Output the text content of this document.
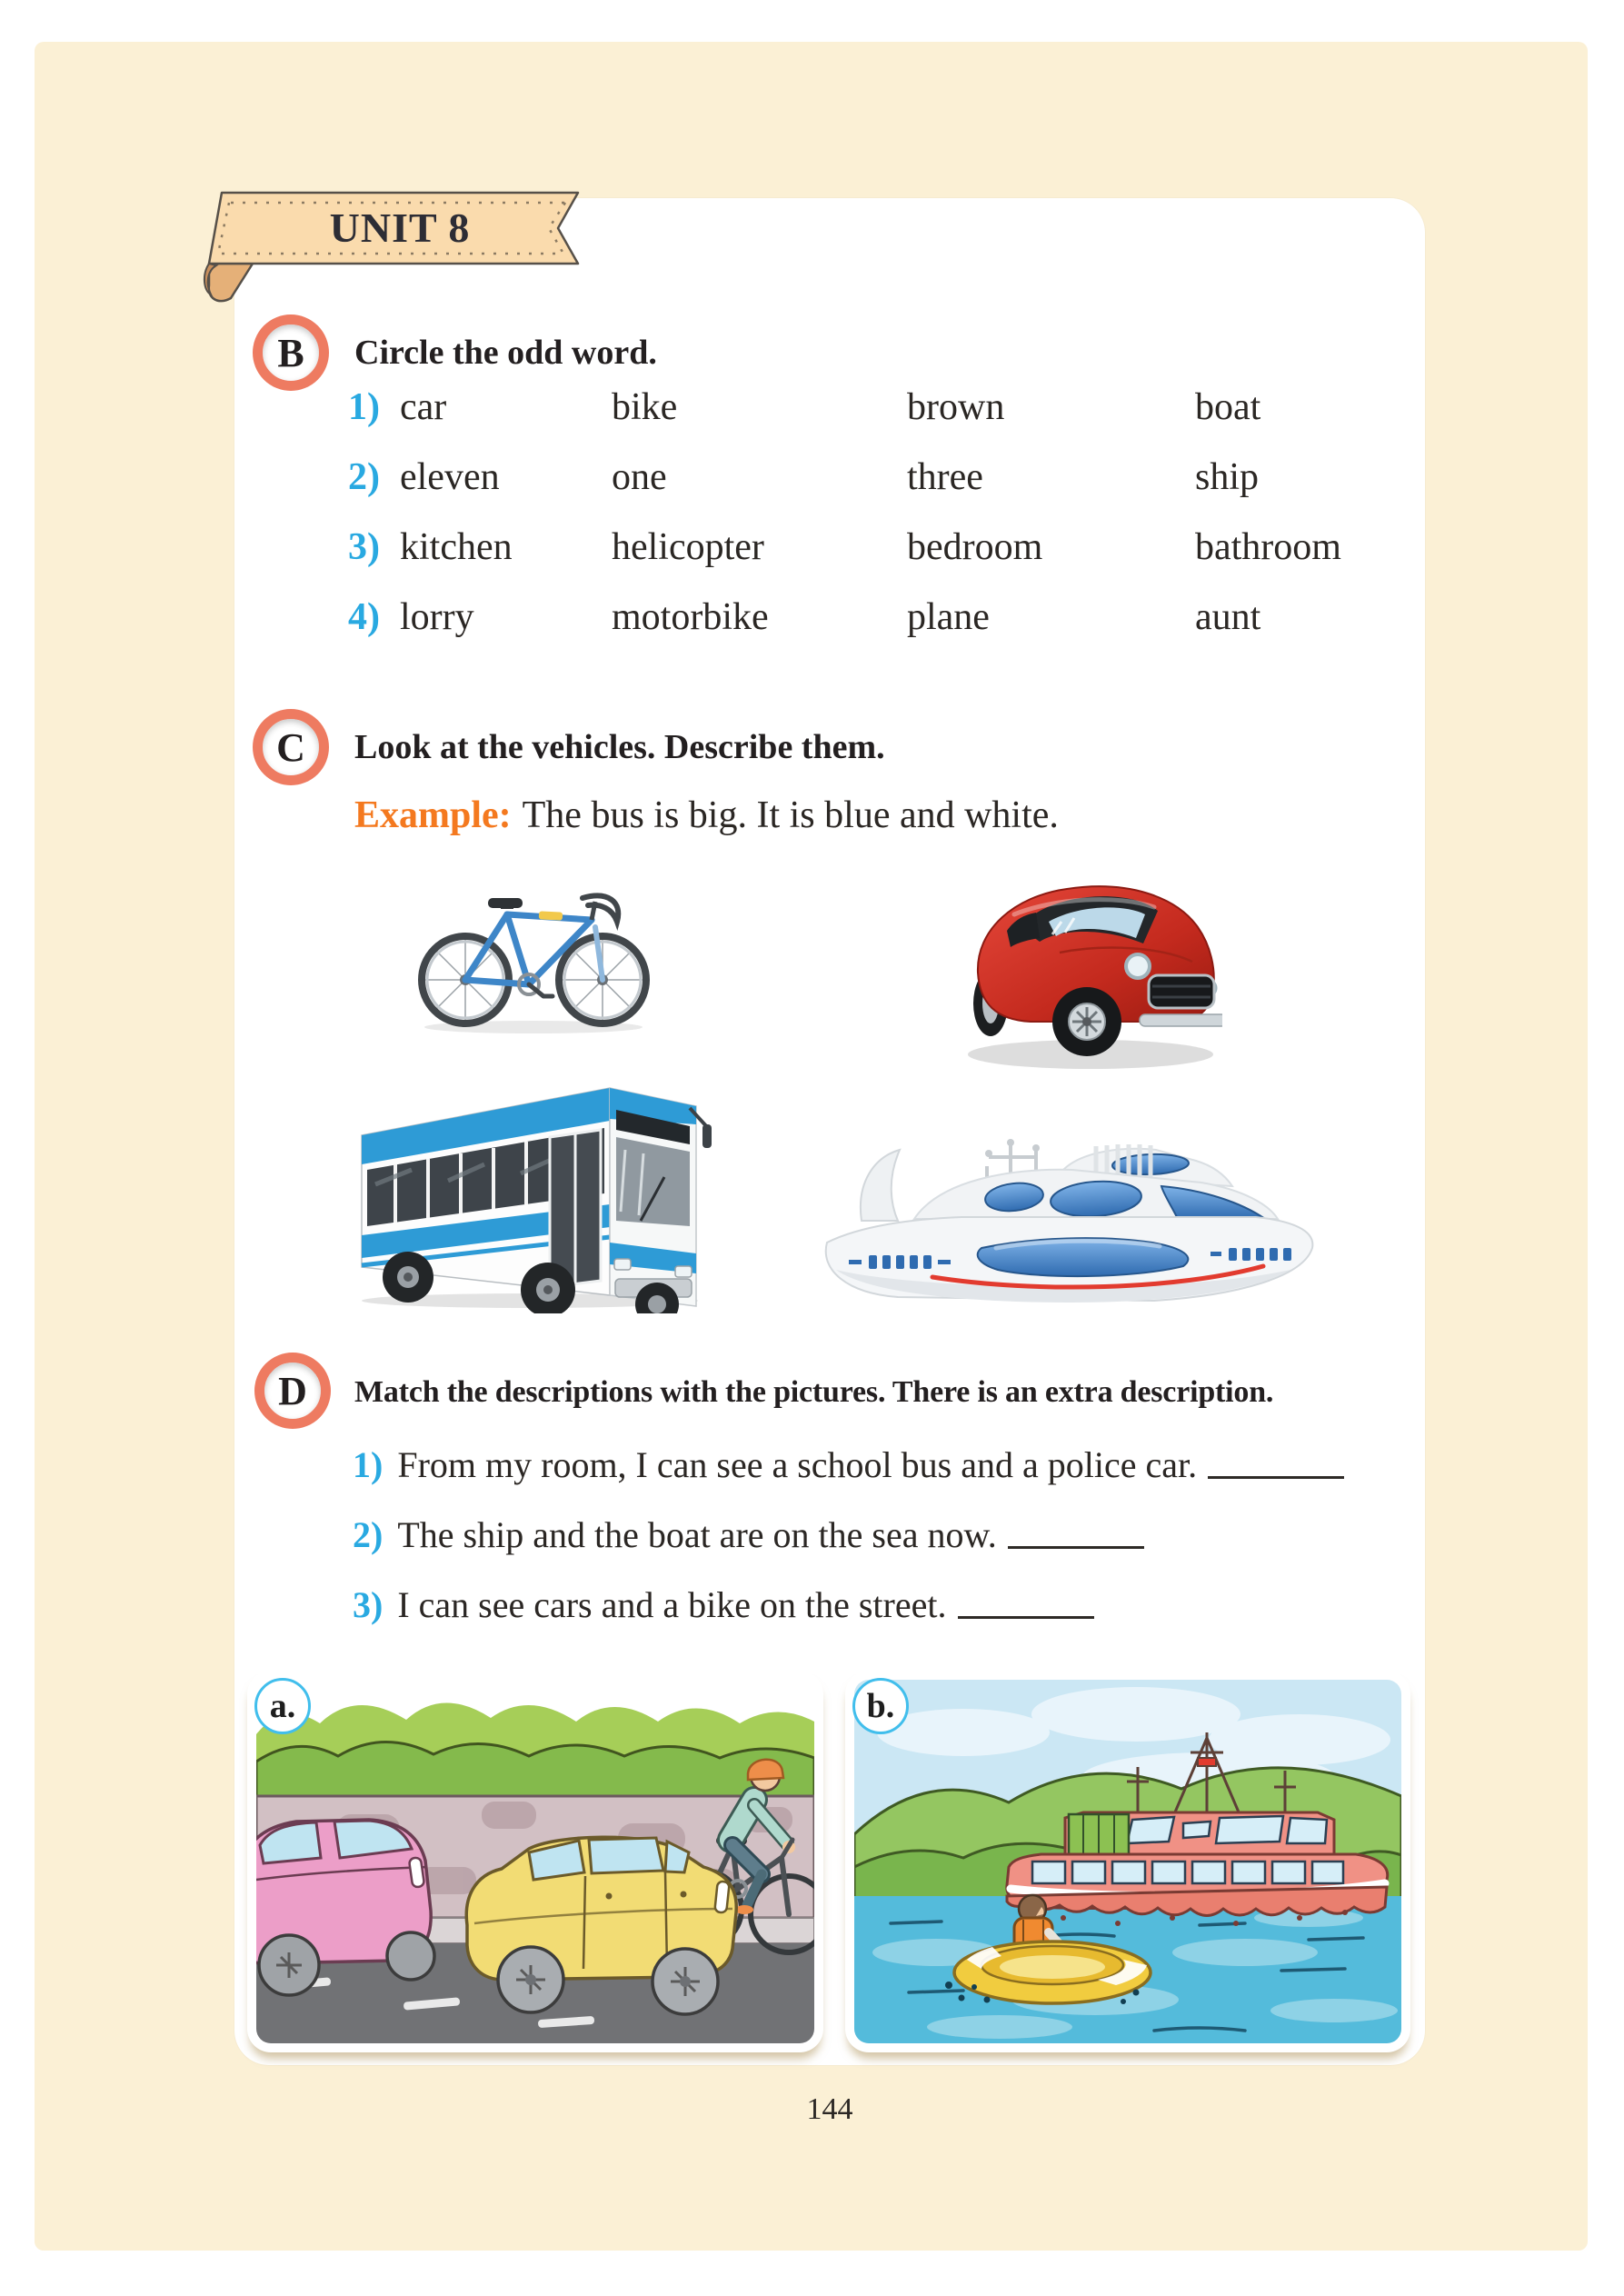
UNIT 8
B Circle the odd word.
1) car	bike	brown	boat
2) eleven	one	three	ship
3) kitchen	helicopter	bedroom	bathroom
4) lorry	motorbike	plane	aunt
C Look at the vehicles. Describe them.
Example: The bus is big. It is blue and white.
D Match the descriptions with the pictures. There is an extra description.
1) From my room, I can see a school bus and a police car.
2) The ship and the boat are on the sea now.
3) I can see cars and a bike on the street.
a.	b.
144
